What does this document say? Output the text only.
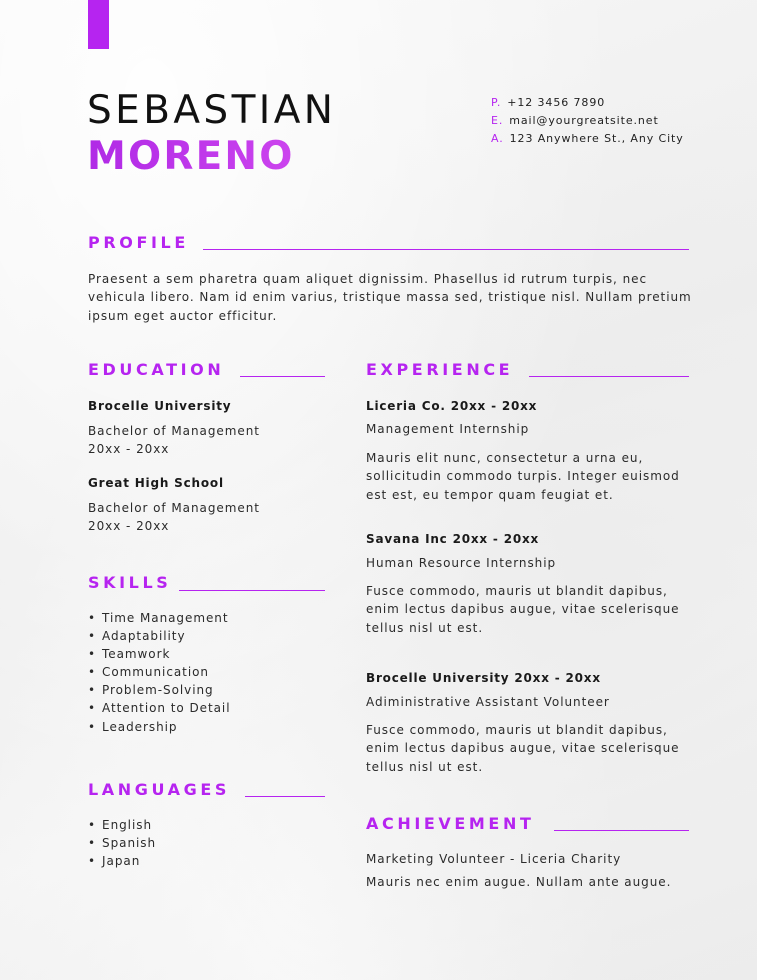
SEBASTIAN
MORENO
P. +12 3456 7890
E. mail@yourgreatsite.net
A. 123 Anywhere St., Any City
PROFILE
Praesent a sem pharetra quam aliquet dignissim. Phasellus id rutrum turpis, nec vehicula libero. Nam id enim varius, tristique massa sed, tristique nisl. Nullam pretium ipsum eget auctor efficitur.
EDUCATION
Brocelle University
Bachelor of Management
20xx - 20xx
Great High School
Bachelor of Management
20xx - 20xx
SKILLS
• Time Management
• Adaptability
• Teamwork
• Communication
• Problem-Solving
• Attention to Detail
• Leadership
LANGUAGES
• English
• Spanish
• Japan
EXPERIENCE
Liceria Co. 20xx - 20xx
Management Internship
Mauris elit nunc, consectetur a urna eu, sollicitudin commodo turpis. Integer euismod est est, eu tempor quam feugiat et.
Savana Inc 20xx - 20xx
Human Resource Internship
Fusce commodo, mauris ut blandit dapibus, enim lectus dapibus augue, vitae scelerisque tellus nisl ut est.
Brocelle University 20xx - 20xx
Adiministrative Assistant Volunteer
Fusce commodo, mauris ut blandit dapibus, enim lectus dapibus augue, vitae scelerisque tellus nisl ut est.
ACHIEVEMENT
Marketing Volunteer - Liceria Charity
Mauris nec enim augue. Nullam ante augue.
